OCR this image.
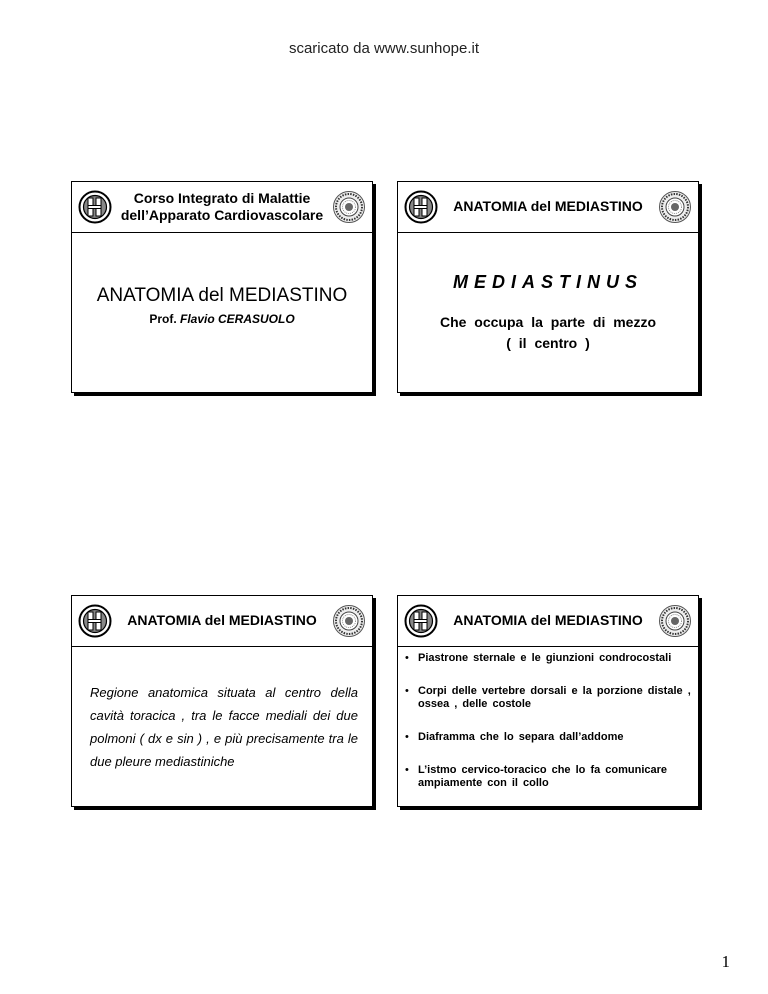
scaricato da www.sunhope.it
Corso Integrato di Malattie dell’Apparato Cardiovascolare
ANATOMIA del MEDIASTINO
Prof. Flavio CERASUOLO
ANATOMIA del MEDIASTINO
MEDIASTINUS
Che occupa la parte di mezzo
( il centro )
ANATOMIA del MEDIASTINO
Regione anatomica situata al centro della cavità toracica , tra le facce mediali dei due polmoni ( dx e sin ) , e più precisamente tra le due pleure mediastiniche
ANATOMIA del MEDIASTINO
• Piastrone sternale e le giunzioni condrocostali
• Corpi delle vertebre dorsali e la porzione distale , ossea , delle costole
• Diaframma che lo separa dall’addome
• L’istmo cervico-toracico che lo fa comunicare ampiamente con il collo
1
